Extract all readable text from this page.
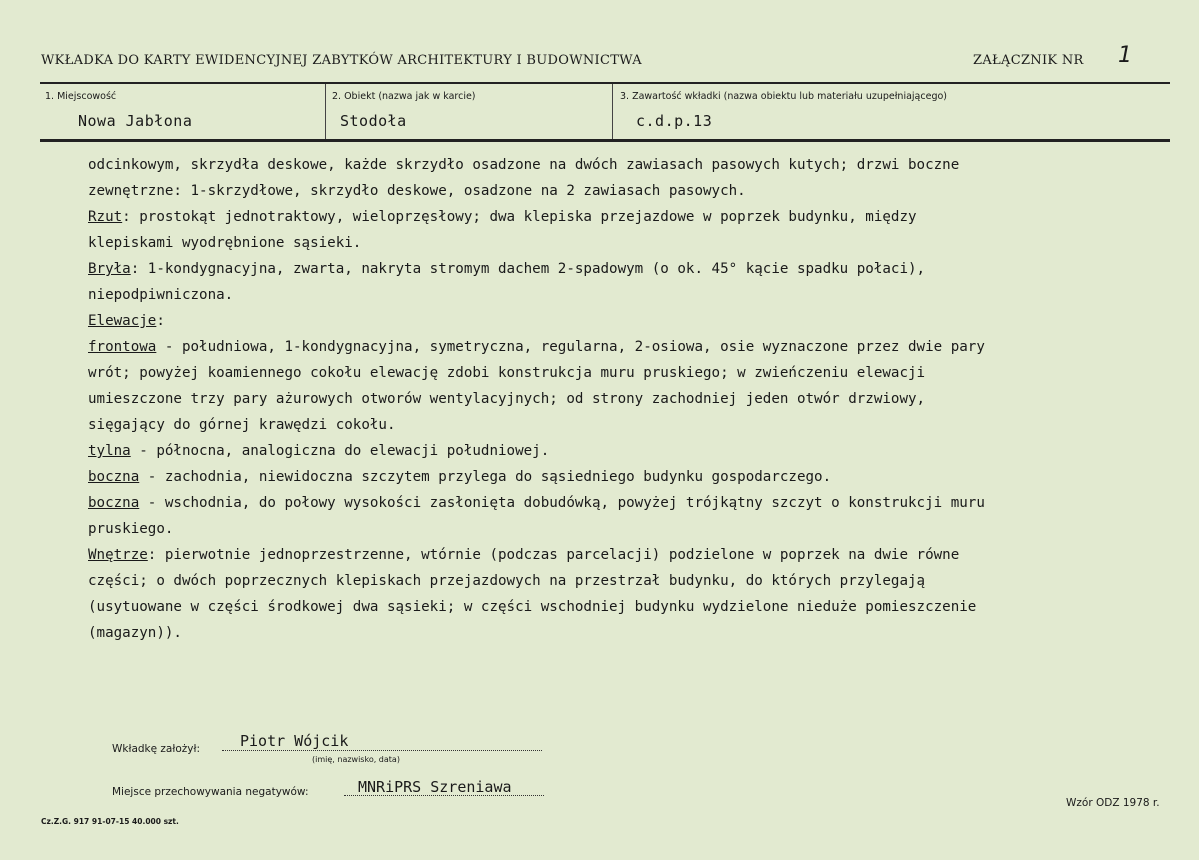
WKŁADKA DO KARTY EWIDENCYJNEJ ZABYTKÓW ARCHITEKTURY I BUDOWNICTWA	ZAŁĄCZNIK NR 1
1. Miejscowość
Nowa Jabłona
2. Obiekt (nazwa jak w karcie)
Stodoła
3. Zawartość wkładki (nazwa obiektu lub materiału uzupełniającego)
c.d.p.13
odcinkowym, skrzydła deskowe, każde skrzydło osadzone na dwóch zawiasach pasowych kutych; drzwi boczne
zewnętrzne: 1-skrzydłowe, skrzydło deskowe, osadzone na 2 zawiasach pasowych.
Rzut: prostokąt jednotraktowy, wieloprzęsłowy; dwa klepiska przejazdowe w poprzek budynku, między
klepiskami wyodrębnione sąsieki.
Bryła: 1-kondygnacyjna, zwarta, nakryta stromym dachem 2-spadowym (o ok. 45° kącie spadku połaci),
niepodpiwniczona.
Elewacje:
frontowa - południowa, 1-kondygnacyjna, symetryczna, regularna, 2-osiowa, osie wyznaczone przez dwie pary
wrót; powyżej koamiennego cokołu elewację zdobi konstrukcja muru pruskiego; w zwieńczeniu elewacji
umieszczone trzy pary ażurowych otworów wentylacyjnych; od strony zachodniej jeden otwór drzwiowy,
sięgający do górnej krawędzi cokołu.
tylna - północna, analogiczna do elewacji południowej.
boczna - zachodnia, niewidoczna szczytem przylega do sąsiedniego budynku gospodarczego.
boczna - wschodnia, do połowy wysokości zasłonięta dobudówką, powyżej trójkątny szczyt o konstrukcji muru
pruskiego.
Wnętrze: pierwotnie jednoprzestrzenne, wtórnie (podczas parcelacji) podzielone w poprzek na dwie równe
części; o dwóch poprzecznych klepiskach przejazdowych na przestrzał budynku, do których przylegają
(usytuowane w części środkowej dwa sąsieki; w części wschodniej budynku wydzielone nieduże pomieszczenie
(magazyn)).
Wkładkę założył:	Piotr Wójcik
(imię, nazwisko, data)
Miejsce przechowywania negatywów:	MNRiPRS Szreniawa
Cz.Z.G. 917 91-07-15 40.000 szt.
Wzór ODZ 1978 r.
